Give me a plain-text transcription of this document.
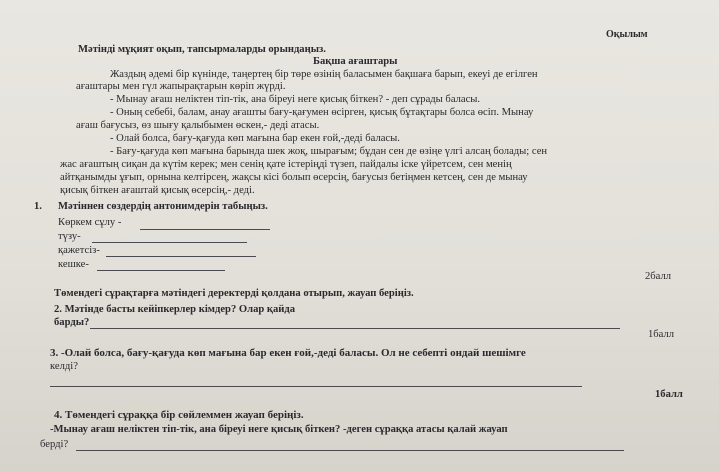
Оқылым
Мәтінді мұқият оқып, тапсырмаларды орындаңыз.
Бақша ағаштары
Жаздың әдемі бір күнінде, таңертең бір төре өзінің баласымен бақшаға барып, екеуі де егілген
ағаштары мен гүл жапырақтарын көріп жүрді.
- Мынау ағаш неліктен тіп-тік, ана біреуі неге қисық біткен? - деп сұрады баласы.
- Оның себебі, балам, анау ағашты бағу-қағумен өсірген, қисық бұтақтары болса өсіп. Мынау
ағаш бағусыз, өз шығу қалыбымен өскен,- деді атасы.
- Олай болса, бағу-қағуда көп мағына бар екен ғой,-деді баласы.
- Бағу-қағуда көп мағына барында шек жоқ, шырағым; бұдан сен де өзіңе үлгі алсаң болады; сен
жас ағаштың сиқан да күтім керек; мен сенің қате істеріңді түзеп, пайдалы іске үйретсем, сен менің
айтқанымды ұғып, орнына келтірсең, жақсы кісі болып өсерсің, бағусыз бетіңмен кетсең, сен де мынау
қисық біткен ағаштай қисық өсерсің,- деді.
1. Мәтіннен сөздердің антонимдерін табыңыз.
Көркем сұлу -
түзу-
қажетсіз-
кешке-
2балл
Төмендегі сұрақтарға мәтіндегі деректерді қолдана отырып, жауап беріңіз.
2. Мәтінде басты кейіпкерлер кімдер? Олар қайда
барды?
1балл
3. -Олай болса, бағу-қағуда көп мағына бар екен ғой,-деді баласы. Ол не себепті ондай шешімге
келді?
1балл
4. Төмендегі сұраққа бір сөйлеммен жауап беріңіз.
-Мынау ағаш неліктен тіп-тік, ана біреуі неге қисық біткен? -деген сұраққа атасы қалай жауап
берді?
